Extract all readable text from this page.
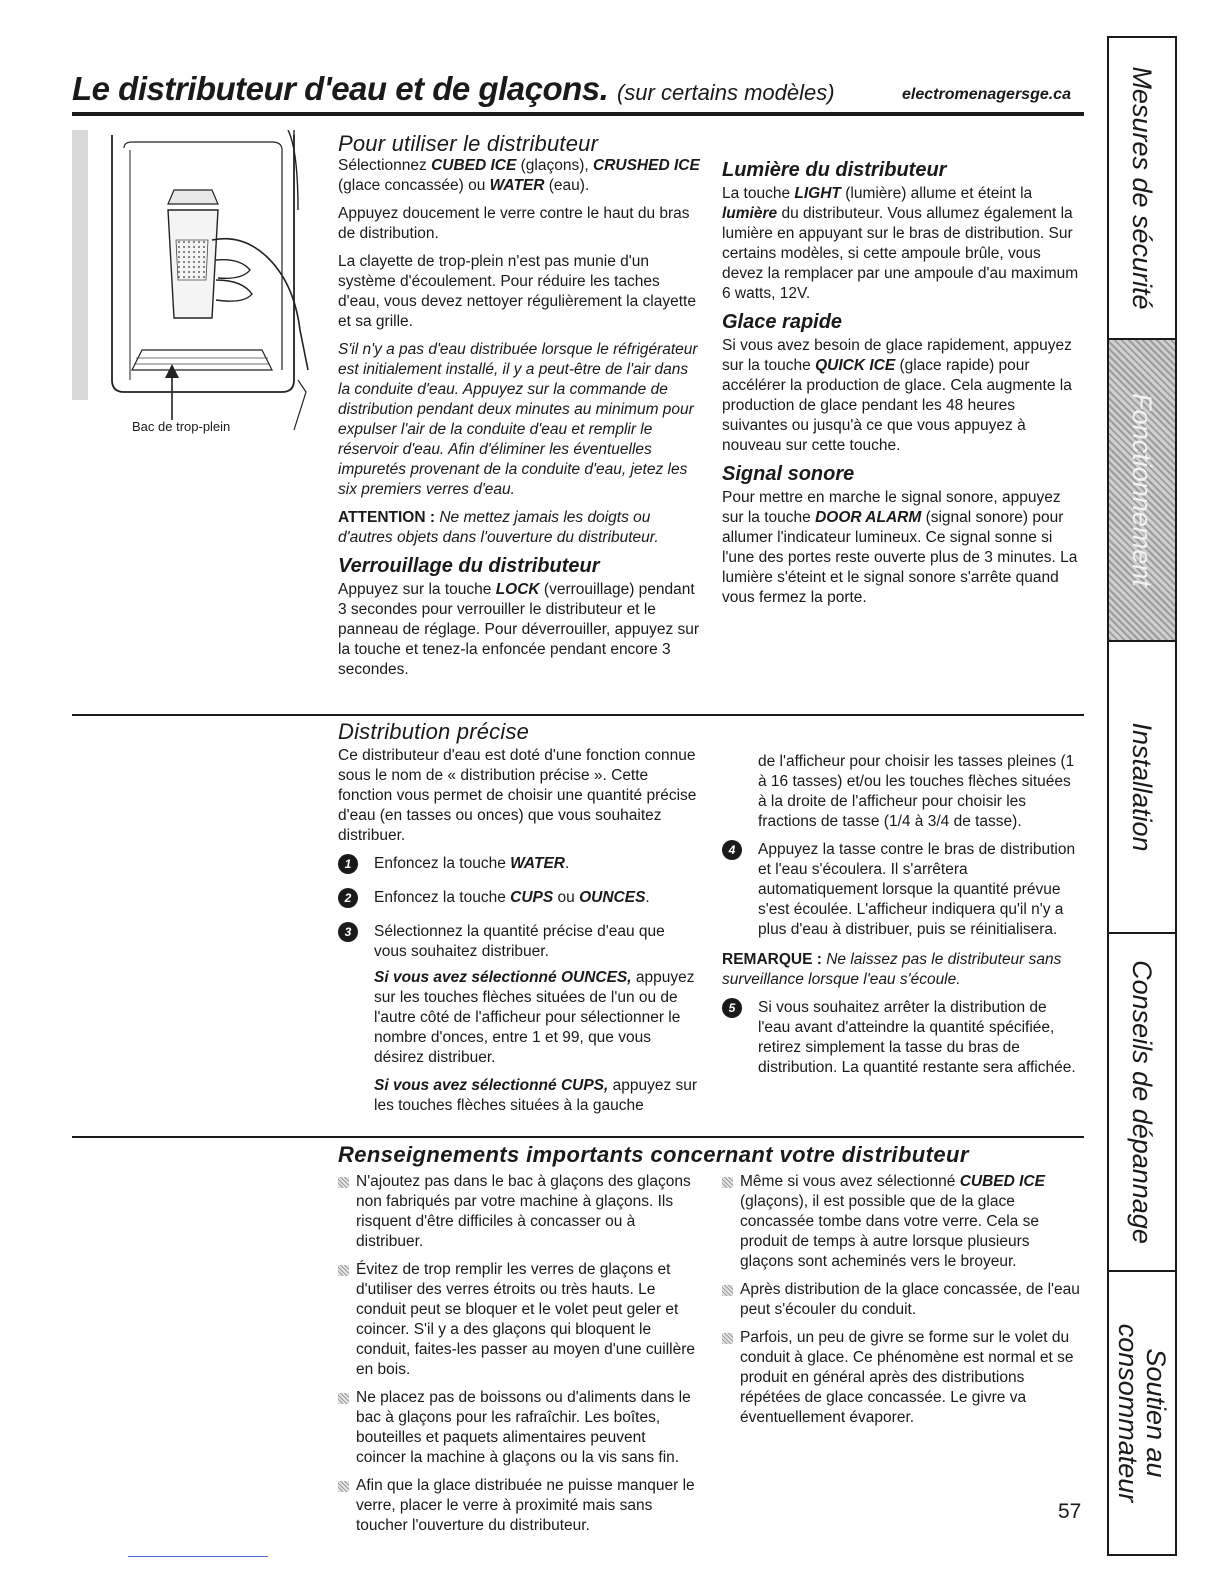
Le distributeur d'eau et de glaçons. (sur certains modèles)	electromenagersge.ca
Bac de trop-plein
Pour utiliser le distributeur

Sélectionnez CUBED ICE (glaçons), CRUSHED ICE (glace concassée) ou WATER (eau).

Appuyez doucement le verre contre le haut du bras de distribution.

La clayette de trop-plein n'est pas munie d'un système d'écoulement. Pour réduire les taches d'eau, vous devez nettoyer régulièrement la clayette et sa grille.

S'il n'y a pas d'eau distribuée lorsque le réfrigérateur est initialement installé, il y a peut-être de l'air dans la conduite d'eau. Appuyez sur la commande de distribution pendant deux minutes au minimum pour expulser l'air de la conduite d'eau et remplir le réservoir d'eau. Afin d'éliminer les éventuelles impuretés provenant de la conduite d'eau, jetez les six premiers verres d'eau.

ATTENTION : Ne mettez jamais les doigts ou d'autres objets dans l'ouverture du distributeur.

Verrouillage du distributeur

Appuyez sur la touche LOCK (verrouillage) pendant 3 secondes pour verrouiller le distributeur et le panneau de réglage. Pour déverrouiller, appuyez sur la touche et tenez-la enfoncée pendant encore 3 secondes.

Lumière du distributeur

La touche LIGHT (lumière) allume et éteint la lumière du distributeur. Vous allumez également la lumière en appuyant sur le bras de distribution. Sur certains modèles, si cette ampoule brûle, vous devez la remplacer par une ampoule d'au maximum 6 watts, 12V.

Glace rapide

Si vous avez besoin de glace rapidement, appuyez sur la touche QUICK ICE (glace rapide) pour accélérer la production de glace. Cela augmente la production de glace pendant les 48 heures suivantes ou jusqu'à ce que vous appuyez à nouveau sur cette touche.

Signal sonore

Pour mettre en marche le signal sonore, appuyez sur la touche DOOR ALARM (signal sonore) pour allumer l'indicateur lumineux. Ce signal sonne si l'une des portes reste ouverte plus de 3 minutes. La lumière s'éteint et le signal sonore s'arrête quand vous fermez la porte.

Distribution précise

Ce distributeur d'eau est doté d'une fonction connue sous le nom de « distribution précise ». Cette fonction vous permet de choisir une quantité précise d'eau (en tasses ou onces) que vous souhaitez distribuer.

1	Enfoncez la touche WATER.
2	Enfoncez la touche CUPS ou OUNCES.
3	Sélectionnez la quantité précise d'eau que vous souhaitez distribuer.

Si vous avez sélectionné OUNCES, appuyez sur les touches flèches situées de l'un ou de l'autre côté de l'afficheur pour sélectionner le nombre d'onces, entre 1 et 99, que vous désirez distribuer.

Si vous avez sélectionné CUPS, appuyez sur les touches flèches situées à la gauche

de l'afficheur pour choisir les tasses pleines (1 à 16 tasses) et/ou les touches flèches situées à la droite de l'afficheur pour choisir les fractions de tasse (1/4 à 3/4 de tasse).

4	Appuyez la tasse contre le bras de distribution et l'eau s'écoulera. Il s'arrêtera automatiquement lorsque la quantité prévue s'est écoulée. L'afficheur indiquera qu'il n'y a plus d'eau à distribuer, puis se réinitialisera.

REMARQUE : Ne laissez pas le distributeur sans surveillance lorsque l'eau s'écoule.

5	Si vous souhaitez arrêter la distribution de l'eau avant d'atteindre la quantité spécifiée, retirez simplement la tasse du bras de distribution. La quantité restante sera affichée.
Renseignements importants concernant votre distributeur
N'ajoutez pas dans le bac à glaçons des glaçons non fabriqués par votre machine à glaçons. Ils risquent d'être difficiles à concasser ou à distribuer.
Évitez de trop remplir les verres de glaçons et d'utiliser des verres étroits ou très hauts. Le conduit peut se bloquer et le volet peut geler et coincer. S'il y a des glaçons qui bloquent le conduit, faites-les passer au moyen d'une cuillère en bois.
Ne placez pas de boissons ou d'aliments dans le bac à glaçons pour les rafraîchir. Les boîtes, bouteilles et paquets alimentaires peuvent coincer la machine à glaçons ou la vis sans fin.
Afin que la glace distribuée ne puisse manquer le verre, placer le verre à proximité mais sans toucher l'ouverture du distributeur.
Même si vous avez sélectionné CUBED ICE (glaçons), il est possible que de la glace concassée tombe dans votre verre. Cela se produit de temps à autre lorsque plusieurs glaçons sont acheminés vers le broyeur.
Après distribution de la glace concassée, de l'eau peut s'écouler du conduit.
Parfois, un peu de givre se forme sur le volet du conduit à glace. Ce phénomène est normal et se produit en général après des distributions répétées de glace concassée. Le givre va éventuellement évaporer.
Mesures de sécurité
Fonctionnement
Installation
Conseils de dépannage
Soutien au
consommateur
57
